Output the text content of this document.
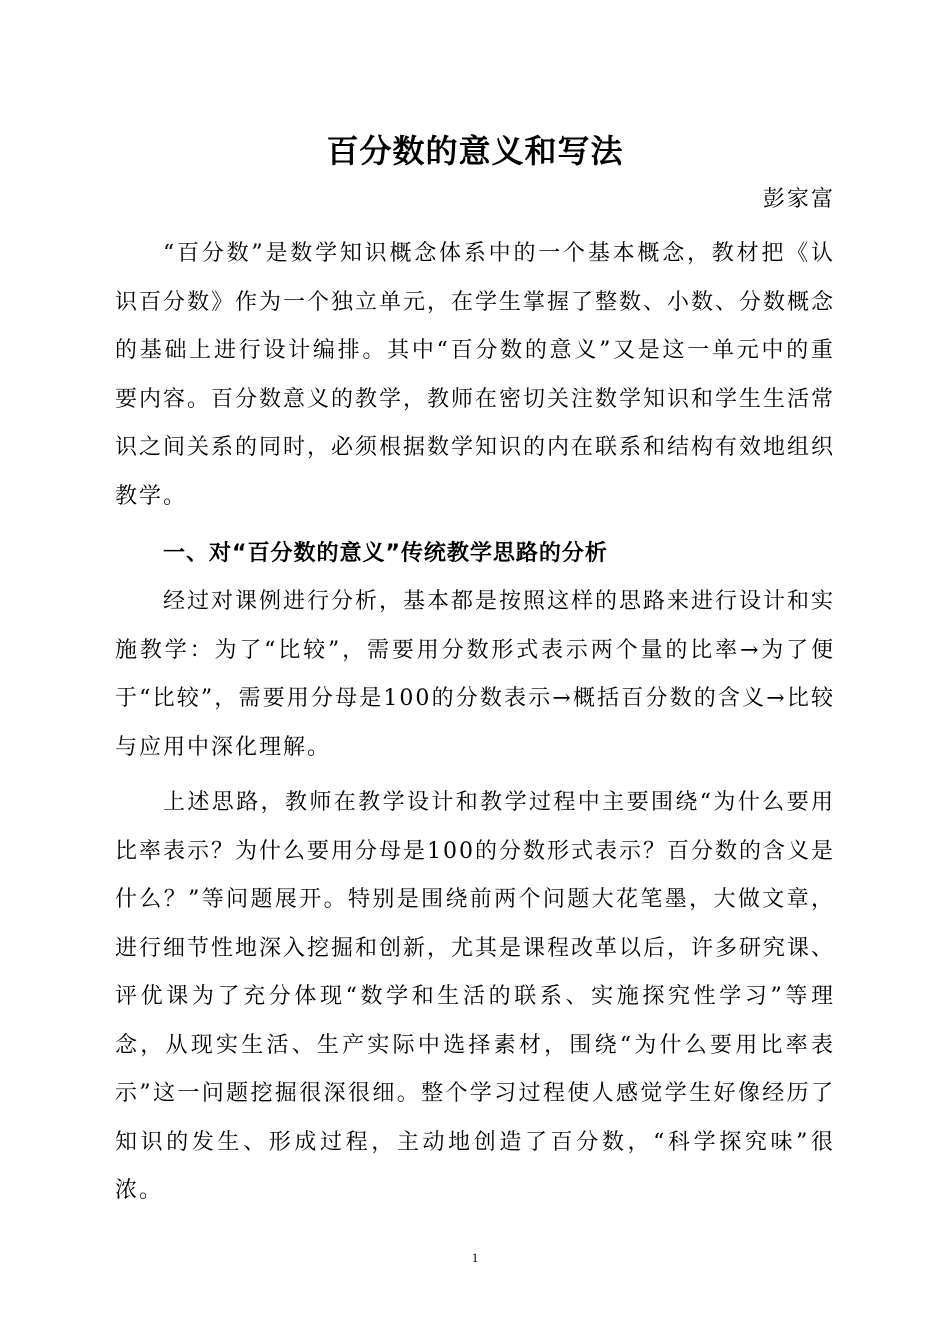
百分数的意义和写法
彭家富

“百分数”是数学知识概念体系中的一个基本概念，教材把《认识百分数》作为一个独立单元，在学生掌握了整数、小数、分数概念的基础上进行设计编排。其中“百分数的意义”又是这一单元中的重要内容。百分数意义的教学，教师在密切关注数学知识和学生生活常识之间关系的同时，必须根据数学知识的内在联系和结构有效地组织教学。

一、对“百分数的意义”传统教学思路的分析

经过对课例进行分析，基本都是按照这样的思路来进行设计和实施教学：为了“比较”，需要用分数形式表示两个量的比率→为了便于“比较”，需要用分母是100的分数表示→概括百分数的含义→比较与应用中深化理解。

上述思路，教师在教学设计和教学过程中主要围绕“为什么要用比率表示？为什么要用分母是100的分数形式表示？百分数的含义是什么？”等问题展开。特别是围绕前两个问题大花笔墨，大做文章，进行细节性地深入挖掘和创新，尤其是课程改革以后，许多研究课、评优课为了充分体现“数学和生活的联系、实施探究性学习”等理念，从现实生活、生产实际中选择素材，围绕“为什么要用比率表示”这一问题挖掘很深很细。整个学习过程使人感觉学生好像经历了知识的发生、形成过程，主动地创造了百分数，“科学探究味”很浓。

1
